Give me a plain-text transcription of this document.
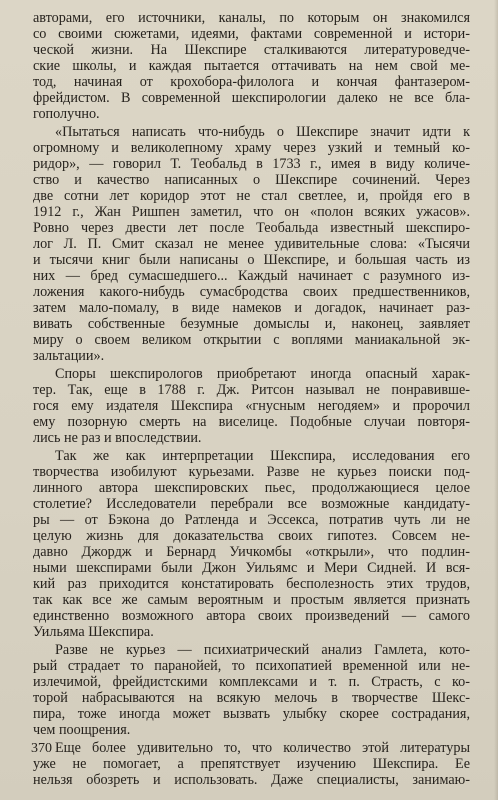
авторами, его источники, каналы, по которым он знакомился
со своими сюжетами, идеями, фактами современной и истори-
ческой жизни. На Шекспире сталкиваются литературоведче-
ские школы, и каждая пытается оттачивать на нем свой ме-
тод, начиная от крохобора-филолога и кончая фантазером-
фрейдистом. В современной шекспирологии далеко не все бла-
гополучно.
«Пытаться написать что-нибудь о Шекспире значит идти к
огромному и великолепному храму через узкий и темный ко-
ридор», — говорил Т. Теобальд в 1733 г., имея в виду количе-
ство и качество написанных о Шекспире сочинений. Через
две сотни лет коридор этот не стал светлее, и, пройдя его в
1912 г., Жан Ришпен заметил, что он «полон всяких ужасов».
Ровно через двести лет после Теобальда известный шекспиро-
лог Л. П. Смит сказал не менее удивительные слова: «Тысячи
и тысячи книг были написаны о Шекспире, и большая часть из
них — бред сумасшедшего... Каждый начинает с разумного из-
ложения какого-нибудь сумасбродства своих предшественников,
затем мало-помалу, в виде намеков и догадок, начинает раз-
вивать собственные безумные домыслы и, наконец, заявляет
миру о своем великом открытии с воплями маниакальной эк-
зальтации».
Споры шекспирологов приобретают иногда опасный харак-
тер. Так, еще в 1788 г. Дж. Ритсон называл не понравивше-
гося ему издателя Шекспира «гнусным негодяем» и пророчил
ему позорную смерть на виселице. Подобные случаи повторя-
лись не раз и впоследствии.
Так же как интерпретации Шекспира, исследования его
творчества изобилуют курьезами. Разве не курьез поиски под-
линного автора шекспировских пьес, продолжающиеся целое
столетие? Исследователи перебрали все возможные кандидату-
ры — от Бэкона до Ратленда и Эссекса, потратив чуть ли не
целую жизнь для доказательства своих гипотез. Совсем не-
давно Джордж и Бернард Уичкомбы «открыли», что подлин-
ными шекспирами были Джон Уильямс и Мери Сидней. И вся-
кий раз приходится констатировать бесполезность этих трудов,
так как все же самым вероятным и простым является признать
единственно возможного автора своих произведений — самого
Уильяма Шекспира.
Разве не курьез — психиатрический анализ Гамлета, кото-
рый страдает то паранойей, то психопатией временной или не-
излечимой, фрейдистскими комплексами и т. п. Страсть, с ко-
торой набрасываются на всякую мелочь в творчестве Шекс-
пира, тоже иногда может вызвать улыбку скорее сострадания,
чем поощрения.
Еще более удивительно то, что количество этой литературы
уже не помогает, а препятствует изучению Шекспира. Ее
нельзя обозреть и использовать. Даже специалисты, занимаю-
370
